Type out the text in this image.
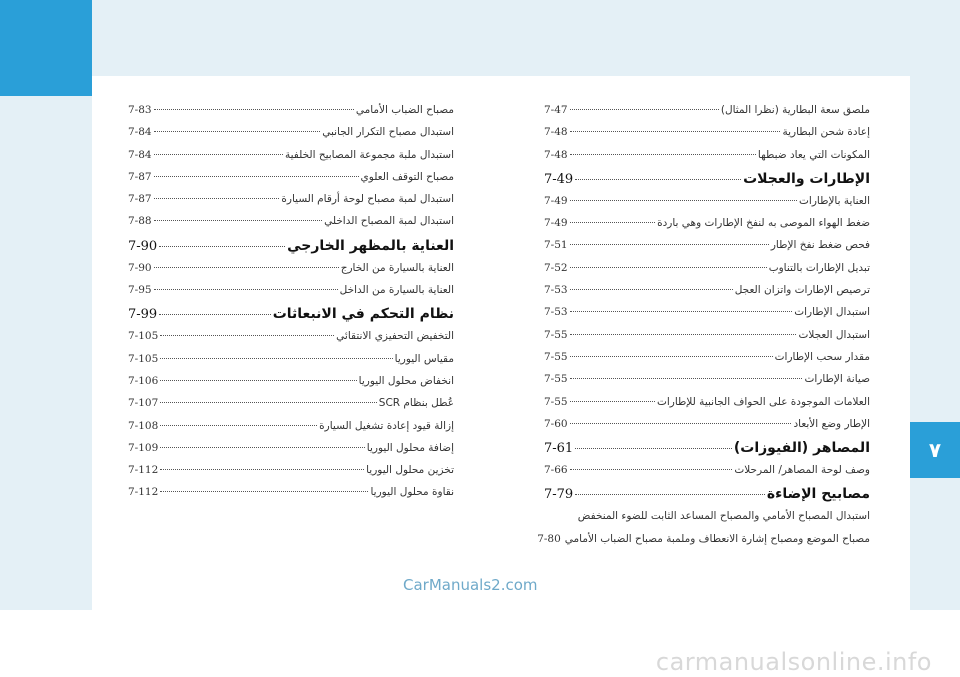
٧
ملصق سعة البطارية (نظرا المثال)
7-47
إعادة شحن البطارية
7-48
المكونات التي يعاد ضبطها
7-48
الإطارات والعجلات
7-49
العناية بالإطارات
7-49
ضغط الهواء الموصى به لنفخ الإطارات وهي باردة
7-49
فحص ضغط نفخ الإطار
7-51
تبديل الإطارات بالتناوب
7-52
ترصيص الإطارات واتزان العجل
7-53
استبدال الإطارات
7-53
استبدال العجلات
7-55
مقدار سحب الإطارات
7-55
صيانة الإطارات
7-55
العلامات الموجودة على الحواف الجانبية للإطارات
7-55
الإطار وضع الأبعاد
7-60
المصاهر (الفيوزات)
7-61
وصف لوحة المصاهر/ المرحلات
7-66
مصابيح الإضاءة
7-79
استبدال المصباح الأمامي والمصباح المساعد الثابت للضوء المنخفض
مصباح الموضع ومصباح إشارة الانعطاف وملمبة مصباح الضباب الأمامي
7-80
مصباح الضباب الأمامي
7-83
استبدال مصباح التكرار الجانبي
7-84
استبدال ملبة مجموعة المصابيح الخلفية
7-84
مصباح التوقف العلوي
7-87
استبدال لمبة مصباح لوحة أرقام السيارة
7-87
استبدال لمبة المصباح الداخلي
7-88
العناية بالمظهر الخارجي
7-90
العناية بالسيارة من الخارج
7-90
العناية بالسيارة من الداخل
7-95
نظام التحكم في الانبعاثات
7-99
التخفيض التحفيزي الانتقائي
7-105
مقياس اليوريا
7-105
انخفاض محلول اليوريا
7-106
عُطل بنظام SCR
7-107
إزالة قيود إعادة تشغيل السيارة
7-108
إضافة محلول اليوريا
7-109
تخزين محلول اليوريا
7-112
نقاوة محلول اليوريا
7-112
CarManuals2.com
carmanualsonline.info
